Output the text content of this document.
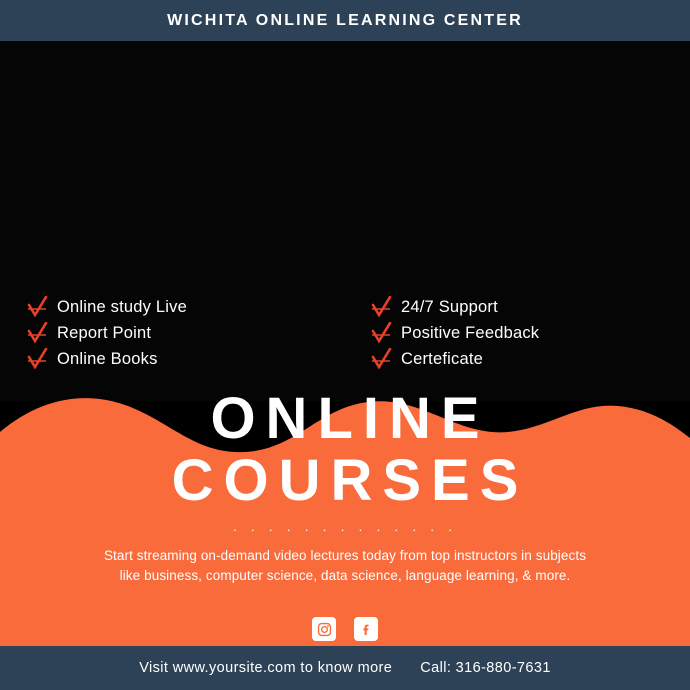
WICHITA ONLINE LEARNING CENTER
Online study Live
Report Point
Online Books
24/7 Support
Positive Feedback
Certeficate
ONLINE
COURSES
· · · · · · · · · · · · ·
Start streaming on-demand video lectures today from top instructors in subjects like business, computer science, data science, language learning, & more.
Visit www.yoursite.com to know more Call: 316-880-7631
